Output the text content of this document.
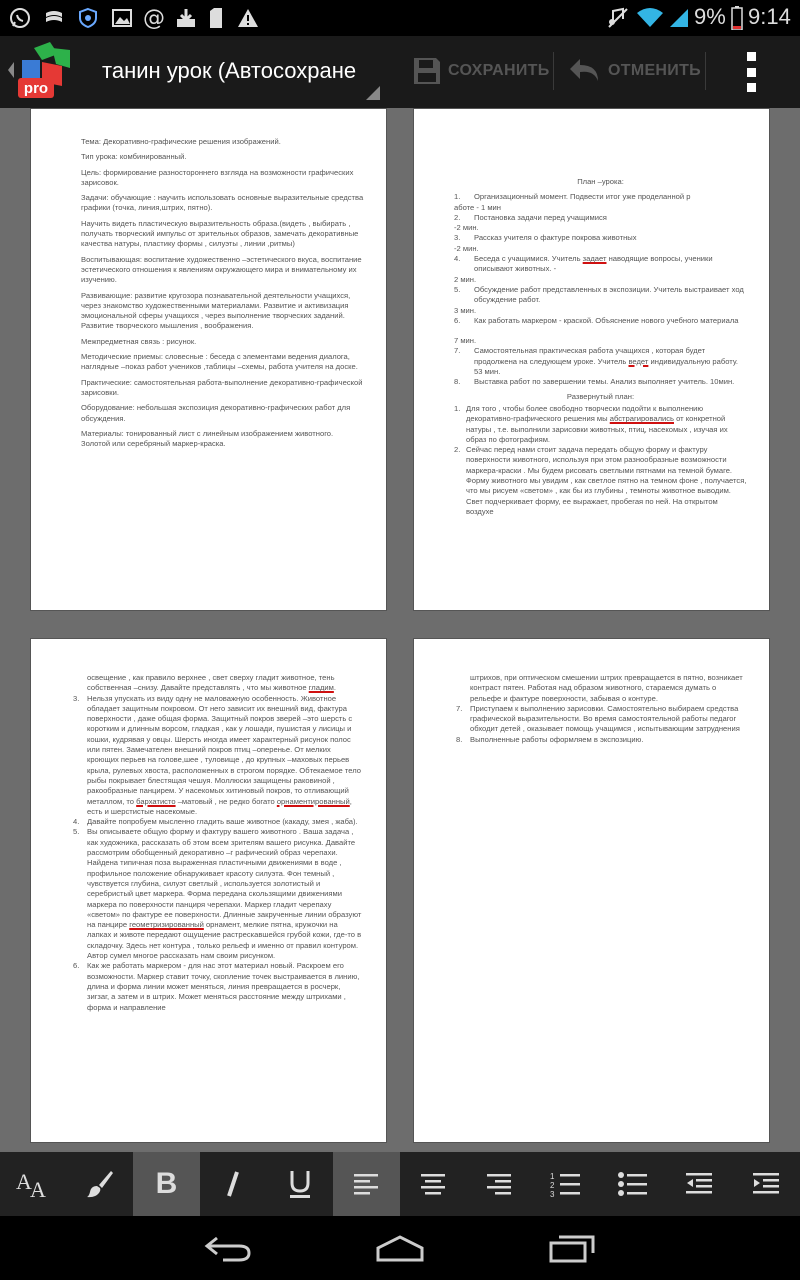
@	9% 9:14
pro
танин урок (Автосохране	СОХРАНИТЬ	ОТМЕНИТЬ

Тема: Декоративно-графические решения изображений.

Тип урока: комбинированный.

Цель: формирование разностороннего взгляда на возможности графических зарисовок.

Задачи: обучающие : научить использовать основные выразительные средства графики (точка, линия,штрих, пятно).

Научить видеть пластическую выразительность образа.(видеть , выбирать , получать творческий импульс от зрительных образов, замечать декоративные качества натуры, пластику формы , силуэты , линии ,ритмы)

Воспитывающая: воспитание художественно –эстетического вкуса, воспитание эстетического отношения к явлениям окружающего мира и внимательному их изучению.

Развивающие: развитие кругозора познавательной деятельности учащихся, через знакомство художественными материалами. Развитие и активизация эмоциональной сферы учащихся , через выполнение творческих заданий. Развитие творческого мышления , воображения.

Межпредметная связь : рисунок.

Методические приемы: словесные : беседа с элементами ведения диалога, наглядные –показ работ учеников ,таблицы –схемы, работа учителя на доске.

Практические: самостоятельная работа-выполнение декоративно-графической зарисовки.

Оборудование: небольшая экспозиция декоративно-графических работ для обсуждения.

Материалы: тонированный лист с линейным изображением животного. Золотой или серебряный маркер-краска.

План –урока:

1.	Организационный момент. Подвести итог уже проделанной р
аботе - 1 мин
2.	Постановка задачи перед учащимися
-2 мин.
3.	Рассказ учителя о фактуре покрова животных
-2 мин.
4.	Беседа с учащимися. Учитель задает наводящие вопросы, ученики описывают животных. -
2 мин.
5.	Обсуждение работ представленных в экспозиции. Учитель выстраивает ход обсуждение работ.
3 мин.
6.	Как работать маркером - краской. Объяснение нового учебного материала
7 мин.
7.	Самостоятельная практическая работа учащихся , которая будет продолжена на следующем уроке. Учитель ведет индивидуальную работу. 53 мин.
8.	Выставка работ по завершении темы. Анализ выполняет учитель. 10мин.

Развернутый план:

1. Для того , чтобы более свободно творчески подойти к выполнению декоративно-графического решения мы абстрагировались от конкретной натуры , т.е. выполнили зарисовки животных, птиц, насекомых , изучая их образ по фотографиям.
2. Сейчас перед нами стоит задача передать общую форму и фактуру поверхности животного, используя при этом разнообразные возможности маркера-краски . Мы будем рисовать светлыми пятнами на темной бумаге. Форму животного мы увидим , как светлое пятно на темном фоне , получается, что мы рисуем «светом» , как бы из глубины , темноты животное выводим. Свет подчеркивает форму, ее выражает, пробегая по ней. На открытом воздухе
освещение , как правило верхнее , свет сверху гладит животное, тень собственная –снизу. Давайте представлять , что мы животное гладим.
3.	Нельзя упускать из виду одну не маловажную особенность. Животное обладает защитным покровом. От него зависит их внешний вид, фактура поверхности , даже общая форма. Защитный покров зверей –это шерсть с коротким и длинным ворсом, гладкая , как у лошади, пушистая у лисицы и кошки, кудрявая у овцы. Шерсть иногда имеет характерный рисунок полос или пятен. Замечателен внешний покров птиц –оперенье. От мелких кроющих перьев на голове,шее , туловище , до крупных –маховых перьев крыла, рулевых хвоста, расположенных в строгом порядке. Обтекаемое тело рыбы покрывает блестящая чешуя. Моллюски защищены раковиной , ракообразные панцирем. У насекомых хитиновый покров, то отливающий металлом, то бархатисто –матовый , не редко богато орнаментированный, есть и шерстистые насекомые.
4.	Давайте попробуем мысленно гладить ваше животное (какаду, змея , жаба).
5.	Вы описываете общую форму и фактуру вашего животного . Ваша задача , как художника, рассказать об этом всем зрителям вашего рисунка. Давайте рассмотрим обобщенный декоративно –г рафический образ черепахи. Найдена типичная поза выраженная пластичными движениями в воде , профильное положение обнаруживает красоту силуэта. Фон темный , чувствуется глубина, силуэт светлый , используется золотистый и серебристый цвет маркера. Форма передана скользящими движениями маркера по поверхности панциря черепахи. Маркер гладит черепаху «светом» по фактуре ее поверхности. Длинные закрученные линии образуют на панцире геометризированный орнамент, мелкие пятна, кружочки на лапках и животе передают ощущение растрескавшейся грубой кожи, где-то в складочку. Здесь нет контура , только рельеф и именно от правил контуром. Автор сумел многое рассказать нам своим рисунком.
6.	Как же работать маркером - для нас этот материал новый. Раскроем его возможности. Маркер ставит точку, скопление точек выстраивается в линию, длина и форма линии может меняться, линия превращается в росчерк, зигзаг, а затем и в штрих. Может меняться расстояние между штрихами , форма и направление
штрихов, при оптическом смешении штрих превращается в пятно, возникает контраст пятен. Работая над образом животного, стараемся думать о рельефе и фактуре поверхности, забывая о контуре.
7.	Приступаем к выполнению зарисовки. Самостоятельно выбираем средства графической выразительности. Во время самостоятельной работы педагог обходит детей , оказывает помощь учащимся , испытывающим затруднения
8.	Выполненные работы оформляем в экспозицию.
A
A	B	1
2
3
